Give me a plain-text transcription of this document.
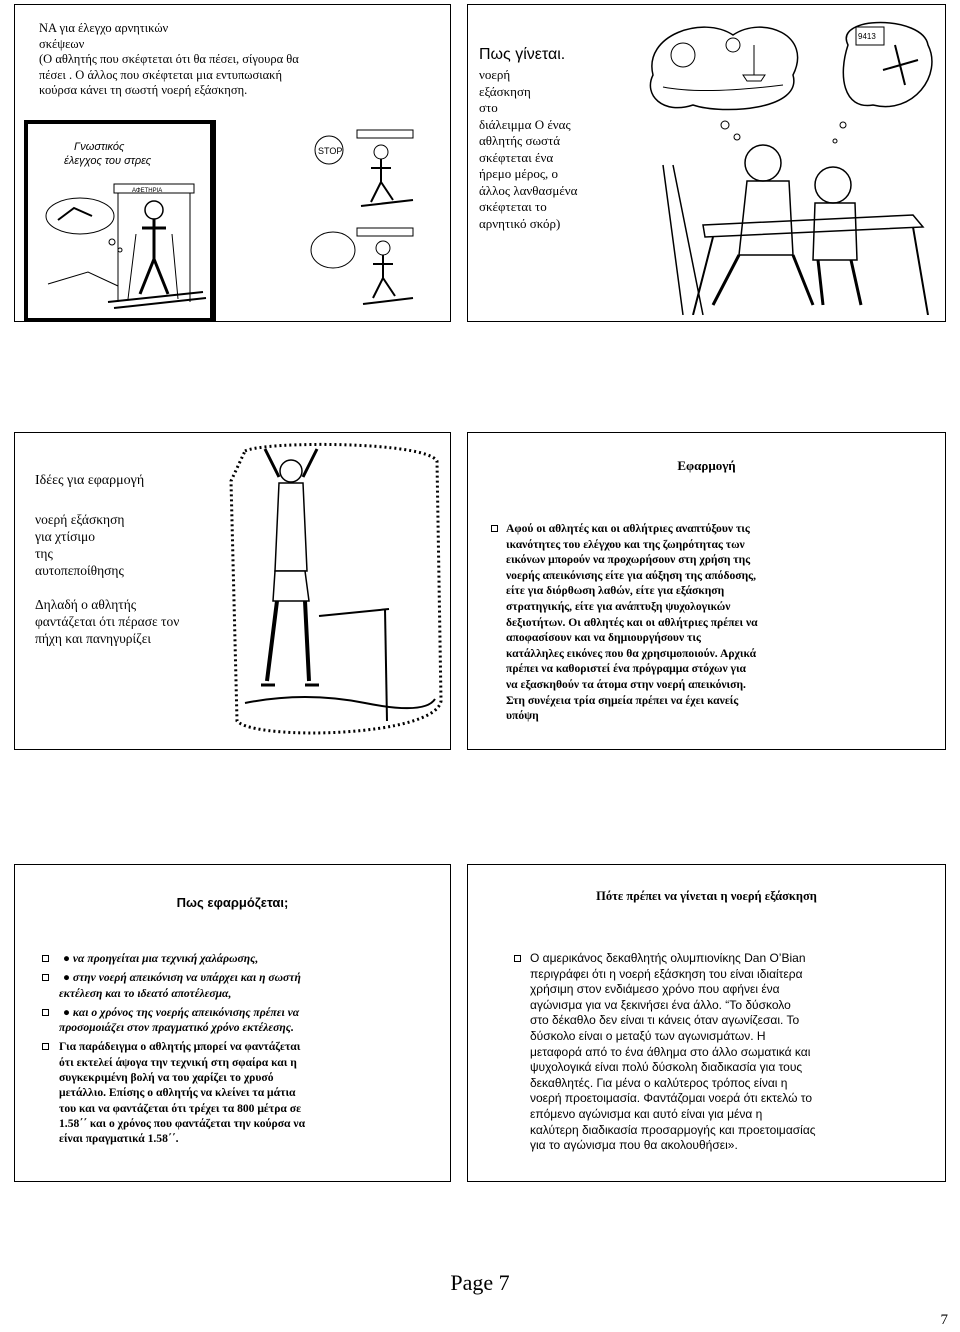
ΝΑ για έλεγχο αρνητικών
σκέψεων
(Ο αθλητής που σκέφτεται ότι θα πέσει, σίγουρα θα
πέσει . Ο άλλος που σκέφτεται μια εντυπωσιακή
κούρσα κάνει τη σωστή νοερή εξάσκηση.
Γνωστικός
έλεγχος του στρες
ΑΦΕΤΗΡΙΑ
STOP
Πως γίνεται.
νοερή
εξάσκηση
στο
διάλειμμα Ο ένας
αθλητής σωστά
σκέφτεται ένα
ήρεμο μέρος, ο
άλλος λανθασμένα
σκέφτεται το
αρνητικό σκόρ)
9413
Ιδέες για εφαρμογή
νοερή εξάσκηση
για χτίσιμο
της
αυτοπεποίθησης
Δηλαδή ο αθλητής
φαντάζεται ότι πέρασε τον
πήχη και πανηγυρίζει
Εφαρμογή
Αφού οι αθλητές και οι αθλήτριες αναπτύξουν τις
ικανότητες του ελέγχου και της ζωηρότητας των
εικόνων μπορούν να προχωρήσουν στη χρήση της
νοερής απεικόνισης είτε για αύξηση της απόδοσης,
είτε για διόρθωση λαθών, είτε για εξάσκηση
στρατηγικής, είτε για ανάπτυξη ψυχολογικών
δεξιοτήτων. Οι αθλητές και οι αθλήτριες πρέπει να
αποφασίσουν και να δημιουργήσουν τις
κατάλληλες εικόνες που θα χρησιμοποιούν. Αρχικά
πρέπει να καθοριστεί ένα πρόγραμμα στόχων για
να εξασκηθούν τα άτομα στην νοερή απεικόνιση.
Στη συνέχεια τρία σημεία πρέπει να έχει κανείς
υπόψη
Πως εφαρμόζεται;
● να προηγείται μια τεχνική χαλάρωσης,
● στην νοερή απεικόνιση να υπάρχει και η σωστή
εκτέλεση και το ιδεατό αποτέλεσμα,
● και ο χρόνος της νοερής απεικόνισης πρέπει να
προσομοιάζει στον πραγματικό χρόνο εκτέλεσης.
Για παράδειγμα ο αθλητής μπορεί να φαντάζεται
ότι εκτελεί άψογα την τεχνική στη σφαίρα και η
συγκεκριμένη βολή να του χαρίζει το χρυσό
μετάλλιο. Επίσης ο αθλητής να κλείνει τα μάτια
του και να φαντάζεται ότι τρέχει τα 800 μέτρα σε
1.58΄΄ και ο χρόνος που φαντάζεται την κούρσα να
είναι πραγματικά 1.58΄΄.
Πότε πρέπει να γίνεται η νοερή εξάσκηση
Ο αμερικάνος δεκαθλητής ολυμπιονίκης Dan O’Bian
περιγράφει ότι η νοερή εξάσκηση του είναι ιδιαίτερα
χρήσιμη στον ενδιάμεσο χρόνο που αφήνει ένα
αγώνισμα για να ξεκινήσει ένα άλλο. “Το δύσκολο
στο δέκαθλο δεν είναι τι κάνεις όταν αγωνίζεσαι. Το
δύσκολο είναι ο μεταξύ των αγωνισμάτων. Η
μεταφορά από το ένα άθλημα στο άλλο σωματικά και
ψυχολογικά είναι πολύ δύσκολη διαδικασία για τους
δεκαθλητές. Για μένα ο καλύτερος τρόπος είναι η
νοερή προετοιμασία. Φαντάζομαι νοερά ότι εκτελώ το
επόμενο αγώνισμα και αυτό είναι για μένα η
καλύτερη διαδικασία προσαρμογής και προετοιμασίας
για το αγώνισμα που θα ακολουθήσει».
Page 7
7
